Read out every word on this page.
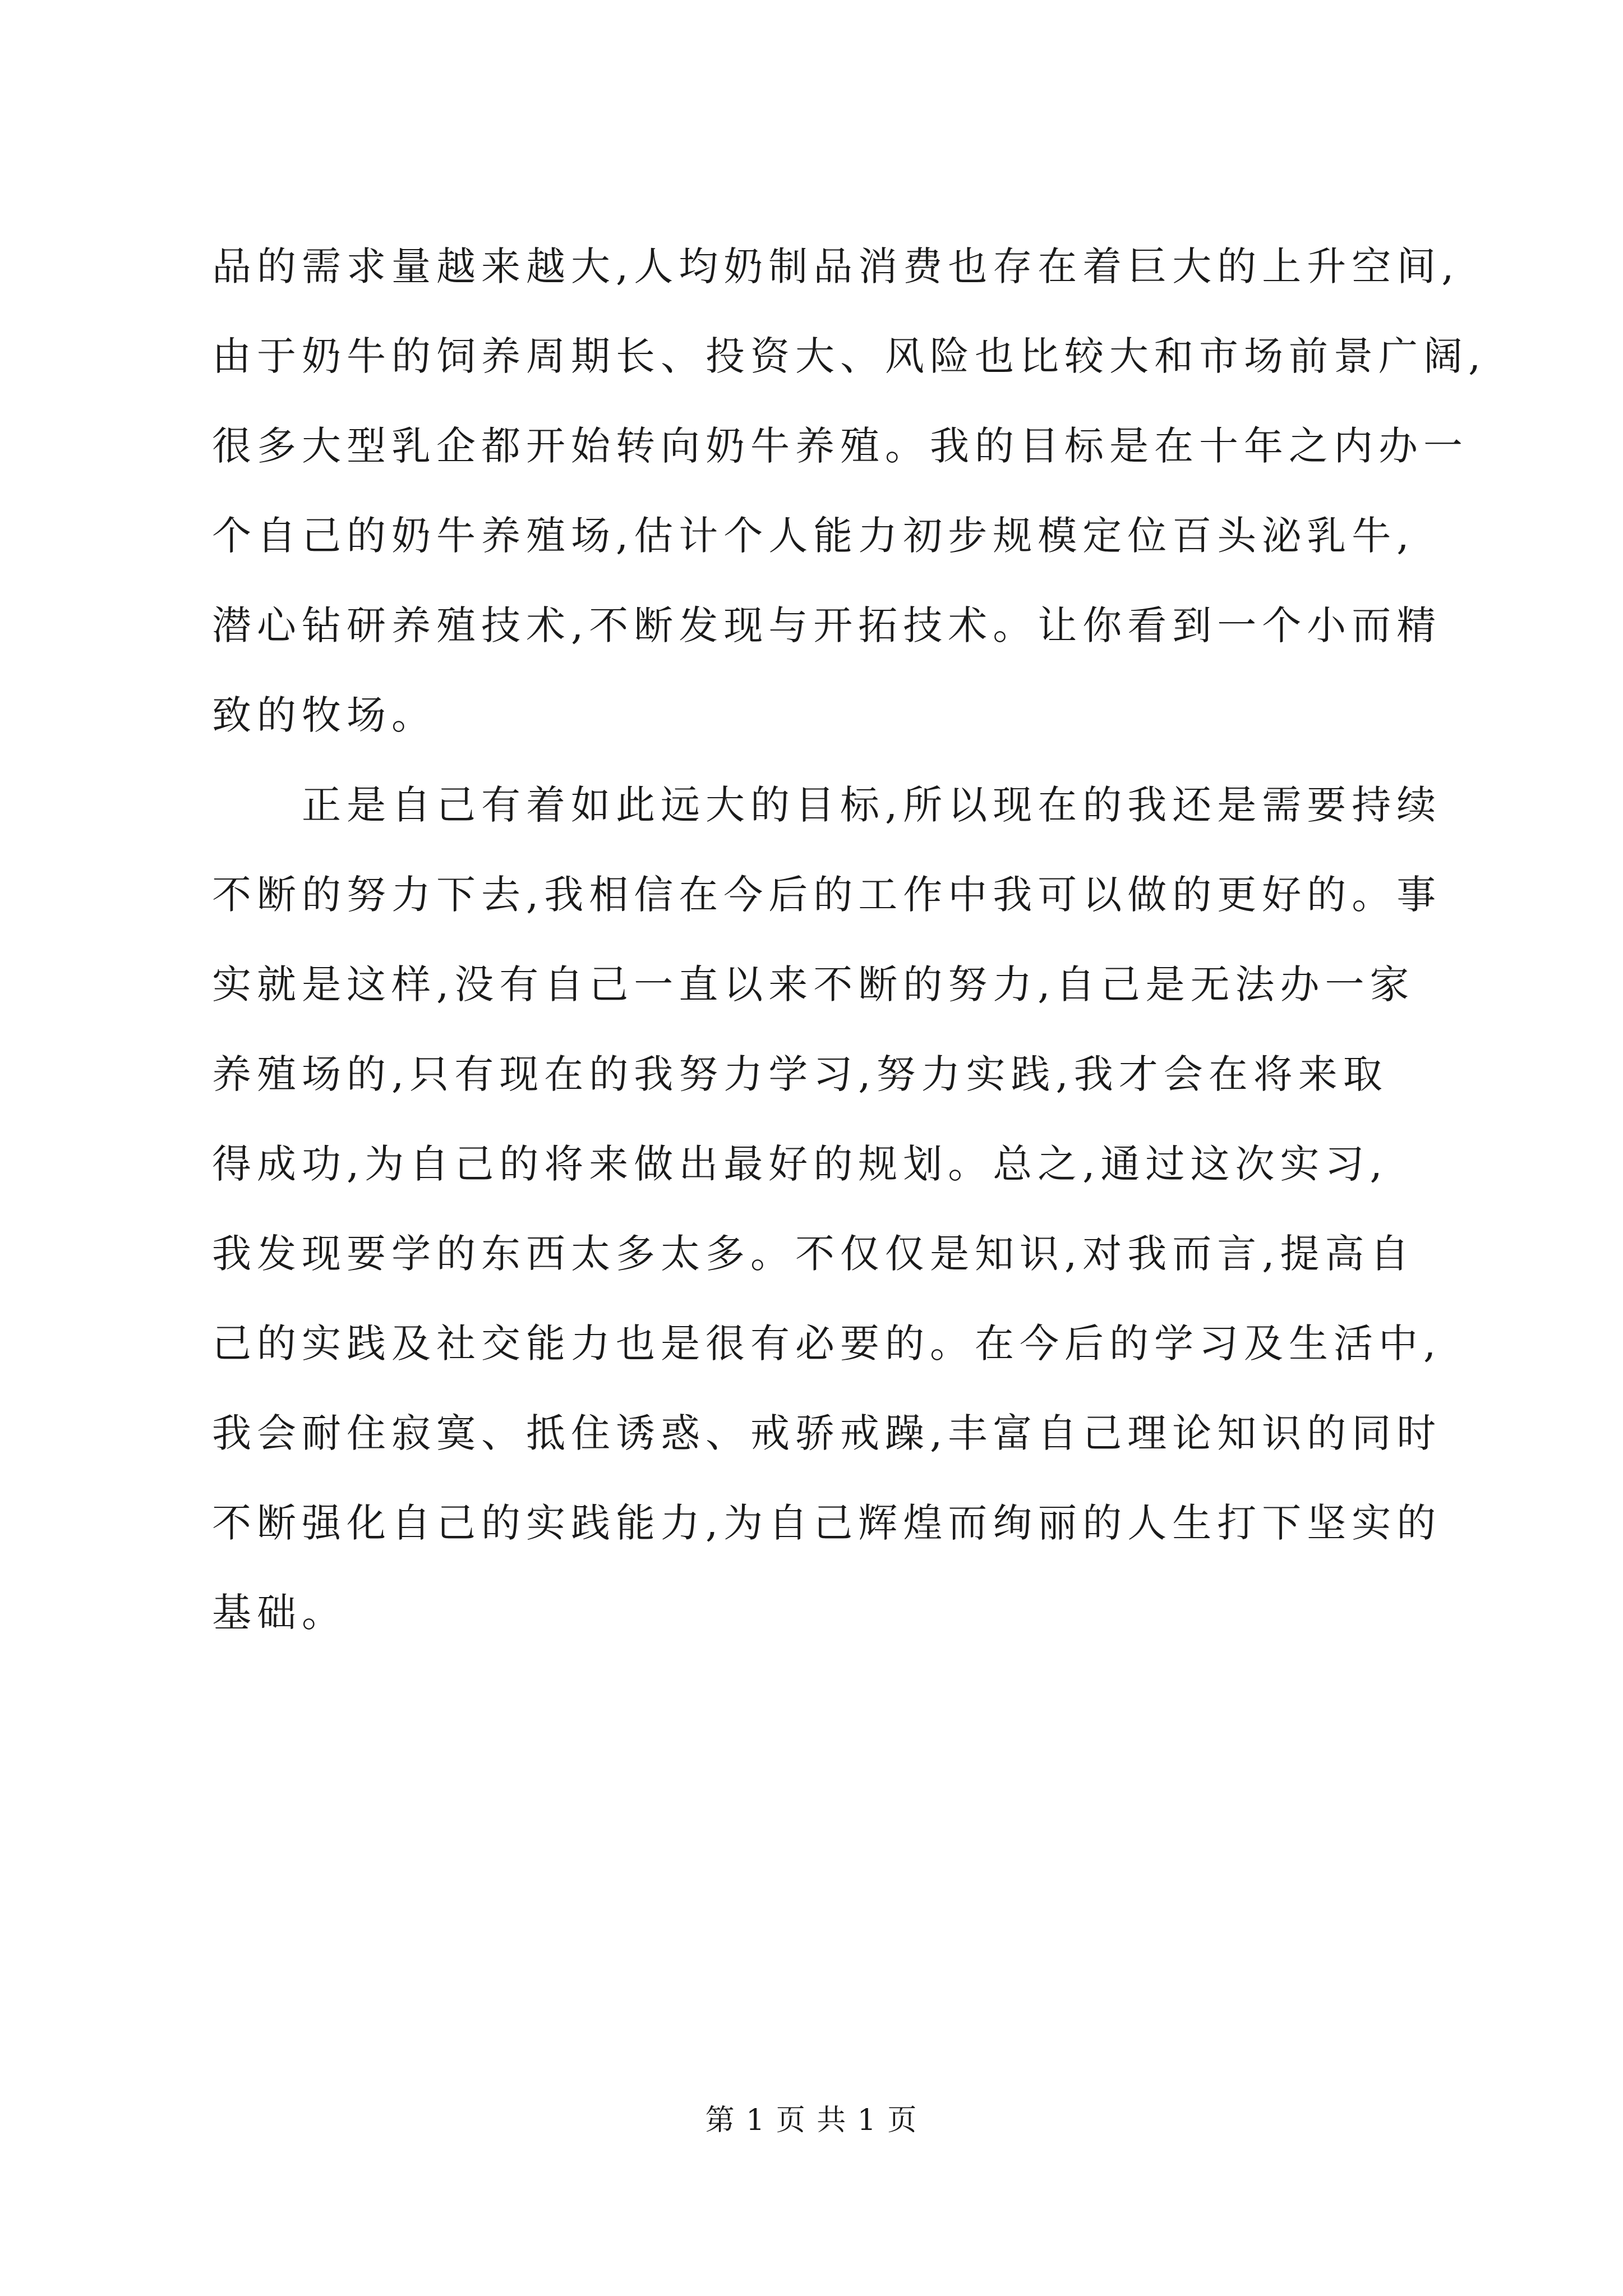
品的需求量越来越大,人均奶制品消费也存在着巨大的上升空间,
由于奶牛的饲养周期长、投资大、风险也比较大和市场前景广阔,
很多大型乳企都开始转向奶牛养殖。我的目标是在十年之内办一
个自己的奶牛养殖场,估计个人能力初步规模定位百头泌乳牛,
潜心钻研养殖技术,不断发现与开拓技术。让你看到一个小而精
致的牧场。

正是自己有着如此远大的目标,所以现在的我还是需要持续
不断的努力下去,我相信在今后的工作中我可以做的更好的。事
实就是这样,没有自己一直以来不断的努力,自己是无法办一家
养殖场的,只有现在的我努力学习,努力实践,我才会在将来取
得成功,为自己的将来做出最好的规划。总之,通过这次实习,
我发现要学的东西太多太多。不仅仅是知识,对我而言,提高自
己的实践及社交能力也是很有必要的。在今后的学习及生活中,
我会耐住寂寞、抵住诱惑、戒骄戒躁,丰富自己理论知识的同时
不断强化自己的实践能力,为自己辉煌而绚丽的人生打下坚实的
基础。

第 1 页 共 1 页
